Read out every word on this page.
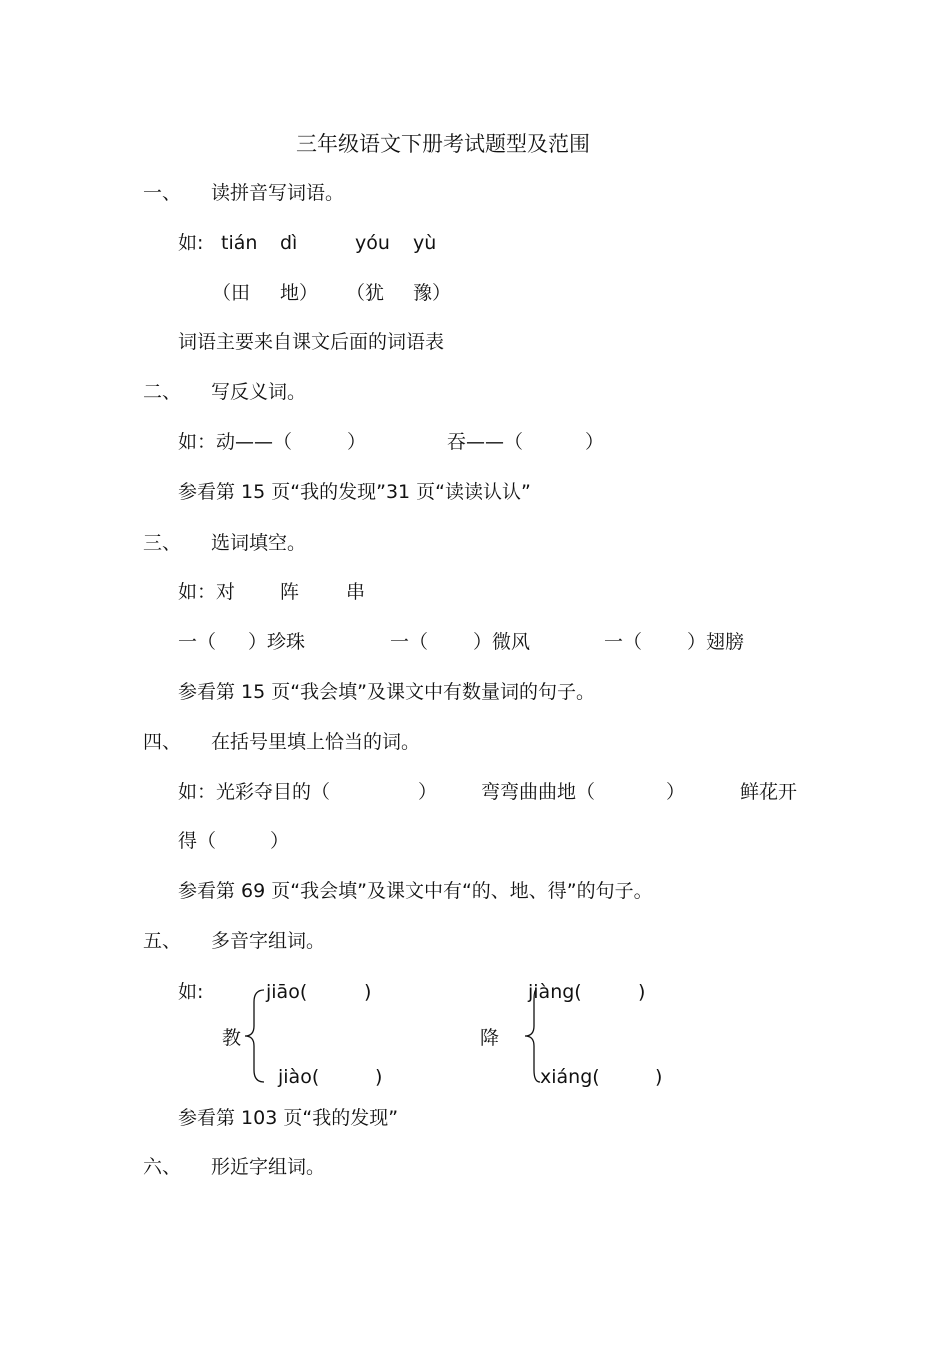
三年级语文下册考试题型及范围
一、 读拼音写词语。
如: tián dì	yóu yù
（田 地） （犹 豫）
词语主要来自课文后面的词语表
二、 写反义词。
如：动——（	）	吞——（	）
参看第 15 页“我的发现”31 页“读读认认”
三、 选词填空。
如：对 阵 串
一（ ）珍珠	一（ ）微风	一（ ）翅膀
参看第 15 页“我会填”及课文中有数量词的句子。
四、 在括号里填上恰当的词。
如：光彩夺目的（	） 弯弯曲曲地（	）	鲜花开
得（	）
参看第 69 页“我会填”及课文中有“的、地、得”的句子。
五、 多音字组词。
如:
教
jiāo(	)
jiào(	)
降
jiàng(	)
xiáng(	)
参看第 103 页“我的发现”
六、 形近字组词。
